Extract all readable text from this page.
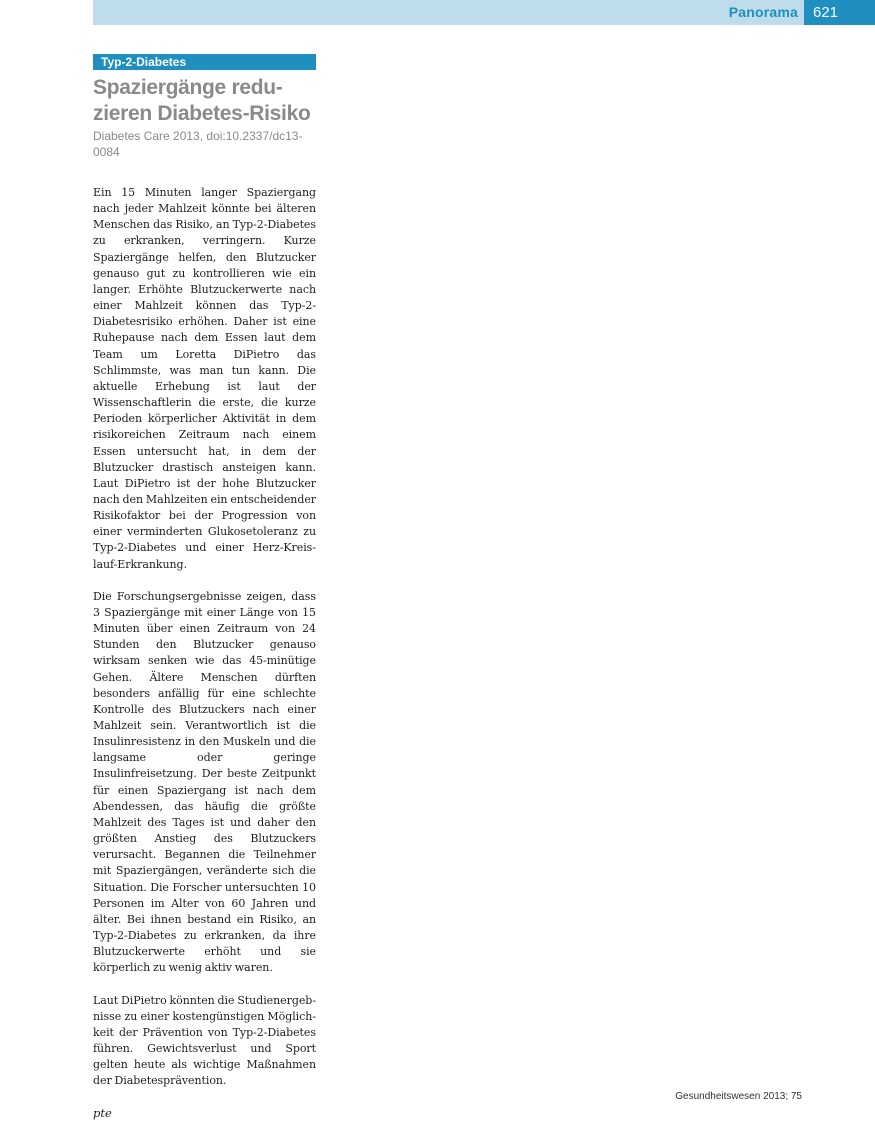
Panorama	621
Typ-2-Diabetes
Spaziergänge reduzieren Diabetes-Risiko
Diabetes Care 2013, doi:10.2337/dc13-0084

Ein 15 Minuten langer Spaziergang nach jeder Mahlzeit könnte bei älteren Menschen das Risiko, an Typ-2-Diabetes zu erkranken, verringern. Kurze Spaziergänge helfen, den Blutzucker genauso gut zu kontrollieren wie ein langer. Erhöhte Blutzuckerwerte nach einer Mahlzeit können das Typ-2-Diabetesrisiko erhöhen. Daher ist eine Ruhepause nach dem Essen laut dem Team um Loretta DiPietro das Schlimmste, was man tun kann. Die aktuelle Erhebung ist laut der Wissenschaftlerin die erste, die kurze Perioden körperlicher Aktivität in dem risikoreichen Zeitraum nach einem Essen untersucht hat, in dem der Blutzucker drastisch ansteigen kann. Laut DiPietro ist der hohe Blutzucker nach den Mahlzeiten ein entscheidender Risikofaktor bei der Progression von einer verminderten Glukosetoleranz zu Typ-2-Diabetes und einer Herz-Kreislauf-Erkrankung.

Die Forschungsergebnisse zeigen, dass 3 Spaziergänge mit einer Länge von 15 Minuten über einen Zeitraum von 24 Stunden den Blutzucker genauso wirksam senken wie das 45-minütige Gehen. Ältere Menschen dürften besonders anfällig für eine schlechte Kontrolle des Blutzuckers nach einer Mahlzeit sein. Verantwortlich ist die Insulinresistenz in den Muskeln und die langsame oder geringe Insulinfreisetzung. Der beste Zeitpunkt für einen Spaziergang ist nach dem Abendessen, das häufig die größte Mahlzeit des Tages ist und daher den größten Anstieg des Blutzuckers verursacht. Begannen die Teilnehmer mit Spaziergängen, veränderte sich die Situation. Die Forscher untersuchten 10 Personen im Alter von 60 Jahren und älter. Bei ihnen bestand ein Risiko, an Typ-2-Diabetes zu erkranken, da ihre Blutzuckerwerte erhöht und sie körperlich zu wenig aktiv waren.

Laut DiPietro könnten die Studienergebnisse zu einer kostengünstigen Möglichkeit der Prävention von Typ-2-Diabetes führen. Gewichtsverlust und Sport gelten heute als wichtige Maßnahmen der Diabetesprävention.

pte
Gesundheitswesen 2013; 75
